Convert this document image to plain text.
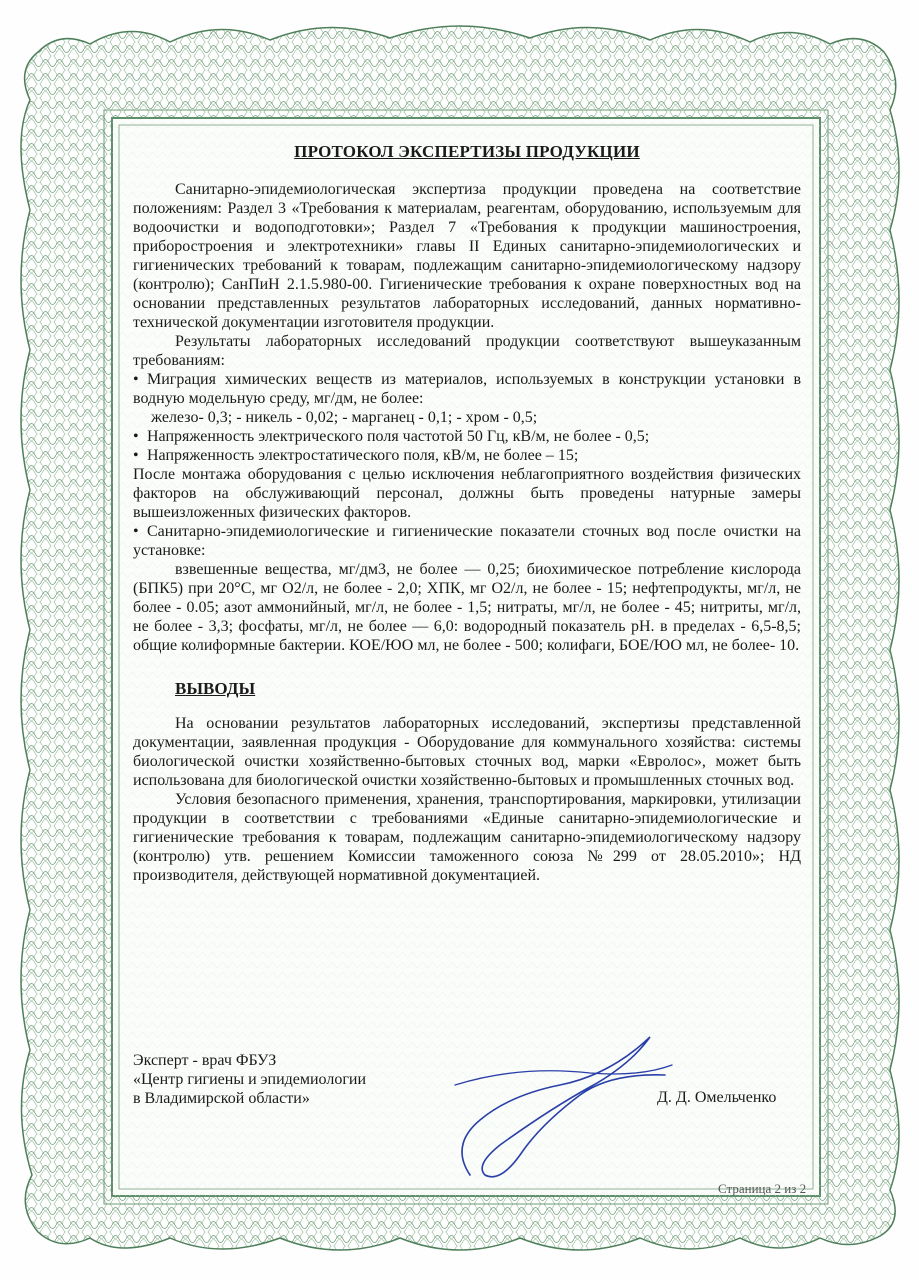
ПРОТОКОЛ ЭКСПЕРТИЗЫ ПРОДУКЦИИ

Санитарно-эпидемиологическая экспертиза продукции проведена на соответствие положениям: Раздел 3 «Требования к материалам, реагентам, оборудованию, используемым для водоочистки и водоподготовки»; Раздел 7 «Требования к продукции машиностроения, приборостроения и электротехники» главы II Единых санитарно-эпидемиологических и гигиенических требований к товарам, подлежащим санитарно-эпидемиологическому надзору (контролю); СанПиН 2.1.5.980-00. Гигиенические требования к охране поверхностных вод на основании представленных результатов лабораторных исследований, данных нормативно-технической документации изготовителя продукции.

Результаты лабораторных исследований продукции соответствуют вышеуказанным требованиям:

• Миграция химических веществ из материалов, используемых в конструкции установки в водную модельную среду, мг/дм, не более:

железо- 0,3; - никель - 0,02; - марганец - 0,1; - хром - 0,5;

• Напряженность электрического поля частотой 50 Гц, кВ/м, не более - 0,5;

• Напряженность электростатического поля, кВ/м, не более – 15;

После монтажа оборудования с целью исключения неблагоприятного воздействия физических факторов на обслуживающий персонал, должны быть проведены натурные замеры вышеизложенных физических факторов.

• Санитарно-эпидемиологические и гигиенические показатели сточных вод после очистки на установке:

взвешенные вещества, мг/дм3, не более — 0,25; биохимическое потребление кислорода (БПК5) при 20°С, мг О2/л, не более - 2,0; ХПК, мг О2/л, не более - 15; нефтепродукты, мг/л, не более - 0.05; азот аммонийный, мг/л, не более - 1,5; нитраты, мг/л, не более - 45; нитриты, мг/л, не более - 3,3; фосфаты, мг/л, не более — 6,0: водородный показатель рН. в пределах - 6,5-8,5; общие колиформные бактерии. КОЕ/ЮО мл, не более - 500; колифаги, БОЕ/ЮО мл, не более- 10.

ВЫВОДЫ

На основании результатов лабораторных исследований, экспертизы представленной документации, заявленная продукция - Оборудование для коммунального хозяйства: системы биологической очистки хозяйственно-бытовых сточных вод, марки «Евролос», может быть использована для биологической очистки хозяйственно-бытовых и промышленных сточных вод.

Условия безопасного применения, хранения, транспортирования, маркировки, утилизации продукции в соответствии с требованиями «Единые санитарно-эпидемиологические и гигиенические требования к товарам, подлежащим санитарно-эпидемиологическому надзору (контролю) утв. решением Комиссии таможенного союза №299 от 28.05.2010»; НД производителя, действующей нормативной документацией.

Эксперт - врач ФБУЗ
«Центр гигиены и эпидемиологии
в Владимирской области»	Д. Д. Омельченко
Страница 2 из 2
